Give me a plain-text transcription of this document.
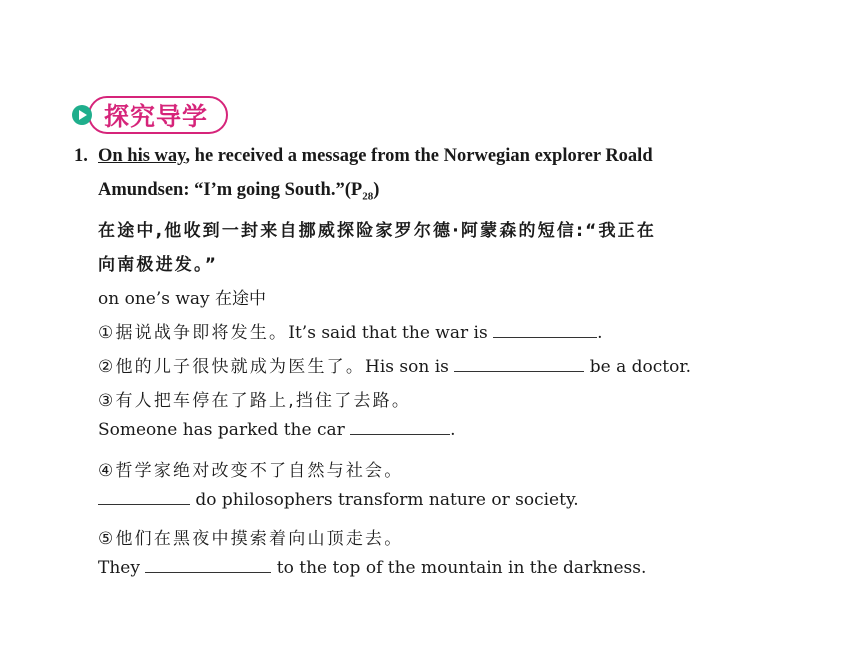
探究导学
1. On his way, he received a message from the Norwegian explorer Roald
Amundsen: “I’m going $South.”(P_{28})$
在途中,他收到一封来自挪威探险家罗尔德·阿蒙森的短信:“我正在
向南极进发。”
on one’s way 在途中
①据说战争即将发生。It’s said that the war is	.
②他的儿子很快就成为医生了。His son is	be a doctor.
③有人把车停在了路上,挡住了去路。
Someone has parked the car	.
④哲学家绝对改变不了自然与社会。
do philosophers transform nature or society.
⑤他们在黑夜中摸索着向山顶走去。
They	to the top of the mountain in the darkness.
